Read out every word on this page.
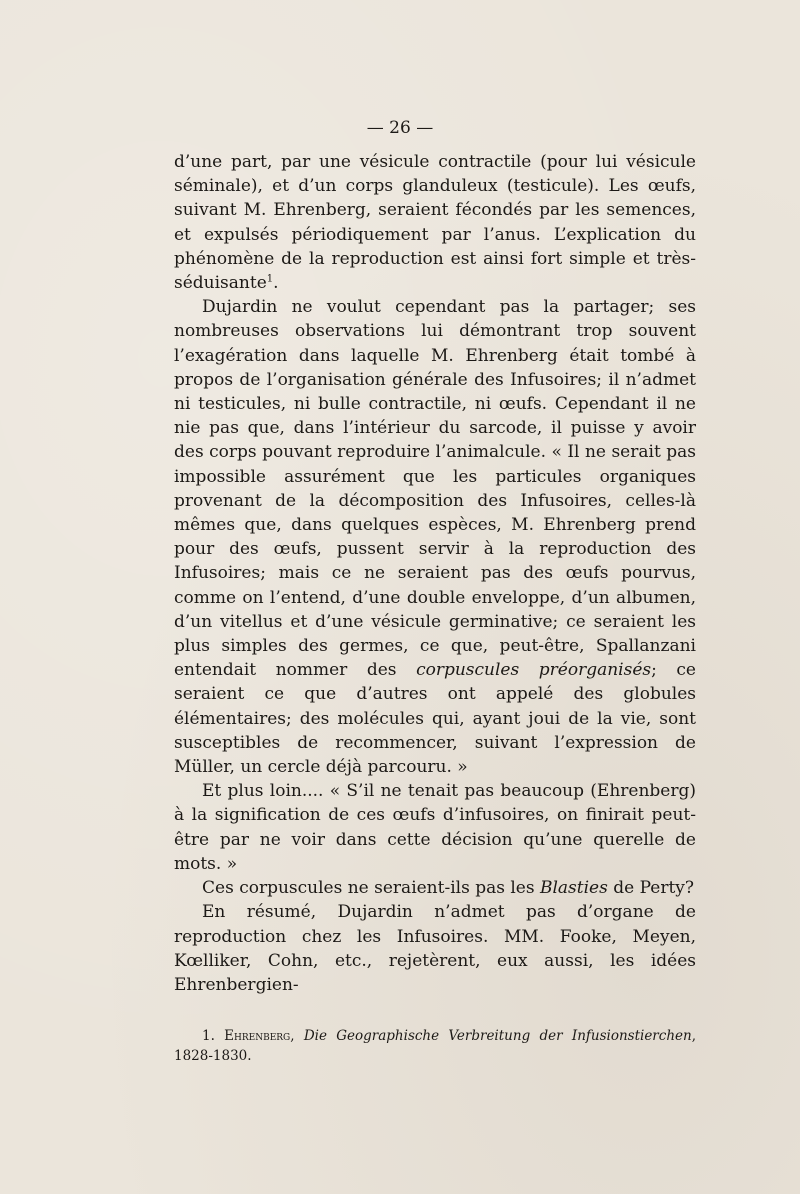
— 26 —

d’une part, par une vésicule contractile (pour lui vésicule séminale), et d’un corps glanduleux (testicule). Les œufs, suivant M. Ehrenberg, seraient fécondés par les semences, et expulsés périodiquement par l’anus. L’explication du phénomène de la reproduction est ainsi fort simple et très-séduisante$^1$.

Dujardin ne voulut cependant pas la partager; ses nombreuses observations lui démontrant trop souvent l’exagération dans laquelle M. Ehrenberg était tombé à propos de l’organisation générale des Infusoires; il n’admet ni testicules, ni bulle contractile, ni œufs. Cependant il ne nie pas que, dans l’intérieur du sarcode, il puisse y avoir des corps pouvant reproduire l’animalcule. « Il ne serait pas impossible assurément que les particules organiques provenant de la décomposition des Infusoires, celles-là mêmes que, dans quelques espèces, M. Ehrenberg prend pour des œufs, pussent servir à la reproduction des Infusoires; mais ce ne seraient pas des œufs pourvus, comme on l’entend, d’une double enveloppe, d’un albumen, d’un vitellus et d’une vésicule germinative; ce seraient les plus simples des germes, ce que, peut-être, Spallanzani entendait nommer des corpuscules préorganisés; ce seraient ce que d’autres ont appelé des globules élémentaires; des molécules qui, ayant joui de la vie, sont susceptibles de recommencer, suivant l’expression de Müller, un cercle déjà parcouru. »

Et plus loin.... « S’il ne tenait pas beaucoup (Ehrenberg) à la signification de ces œufs d’infusoires, on finirait peut-être par ne voir dans cette décision qu’une querelle de mots. »

Ces corpuscules ne seraient-ils pas les Blasties de Perty?

En résumé, Dujardin n’admet pas d’organe de reproduction chez les Infusoires. MM. Fooke, Meyen, Kœlliker, Cohn, etc., rejetèrent, eux aussi, les idées Ehrenbergien-

1. Ehrenberg, Die Geographische Verbreitung der Infusionstierchen, 1828-1830.
